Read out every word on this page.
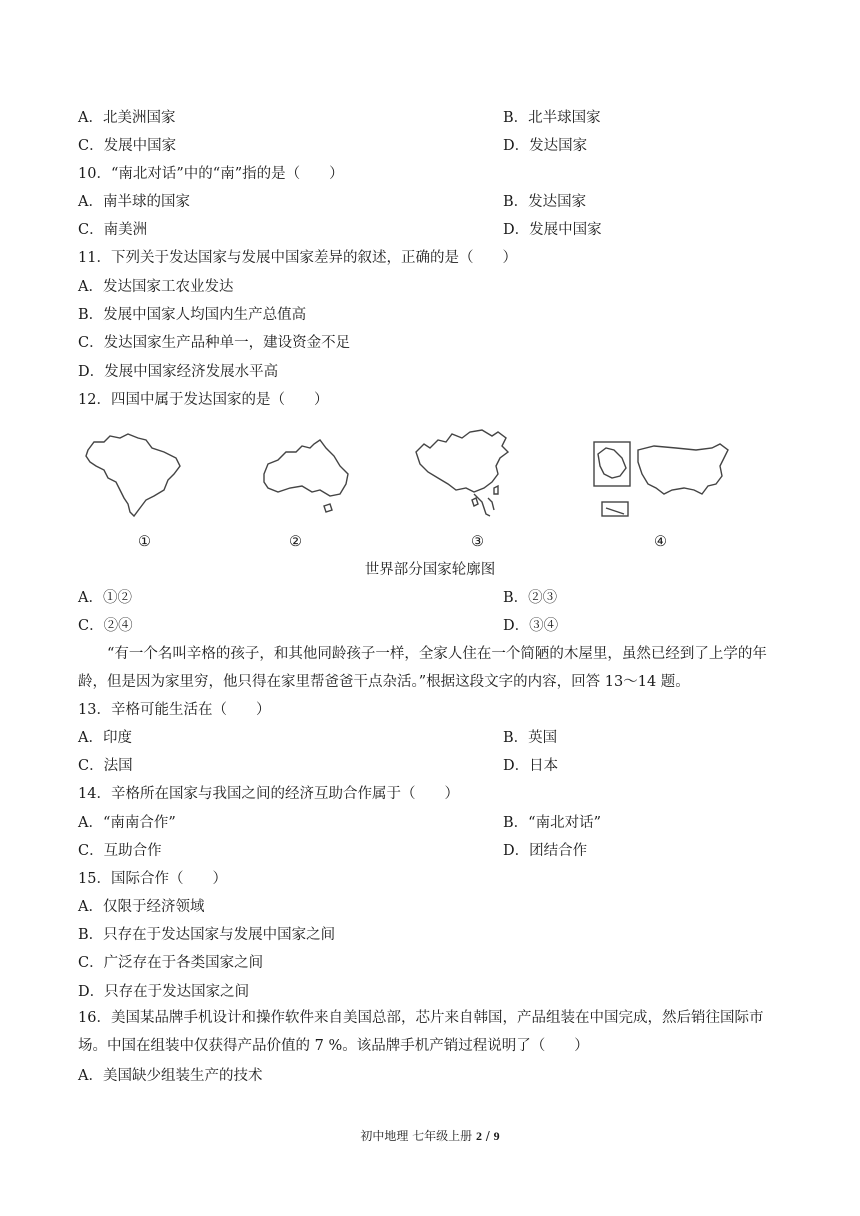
A．北美洲国家	B．北半球国家
C．发展中国家	D．发达国家
10．“南北对话”中的“南”指的是（　　）
A．南半球的国家	B．发达国家
C．南美洲	D．发展中国家
11．下列关于发达国家与发展中国家差异的叙述，正确的是（　　）
A．发达国家工农业发达
B．发展中国家人均国内生产总值高
C．发达国家生产品种单一，建设资金不足
D．发展中国家经济发展水平高
12．四国中属于发达国家的是（　　）
①	②	③	④
世界部分国家轮廓图
A．①②	B．②③
C．②④	D．③④
“有一个名叫辛格的孩子，和其他同龄孩子一样，全家人住在一个简陋的木屋里，虽然已经到了上学的年龄，但是因为家里穷，他只得在家里帮爸爸干点杂活。”根据这段文字的内容，回答 13～14 题。
13．辛格可能生活在（　　）
A．印度	B．英国
C．法国	D．日本
14．辛格所在国家与我国之间的经济互助合作属于（　　）
A．“南南合作”	B．“南北对话”
C．互助合作	D．团结合作
15．国际合作（　　）
A．仅限于经济领域
B．只存在于发达国家与发展中国家之间
C．广泛存在于各类国家之间
D．只存在于发达国家之间
16．美国某品牌手机设计和操作软件来自美国总部，芯片来自韩国，产品组装在中国完成，然后销往国际市场。中国在组装中仅获得产品价值的 7 %。该品牌手机产销过程说明了（　　）
A．美国缺少组装生产的技术
初中地理 七年级上册 2 / 9
